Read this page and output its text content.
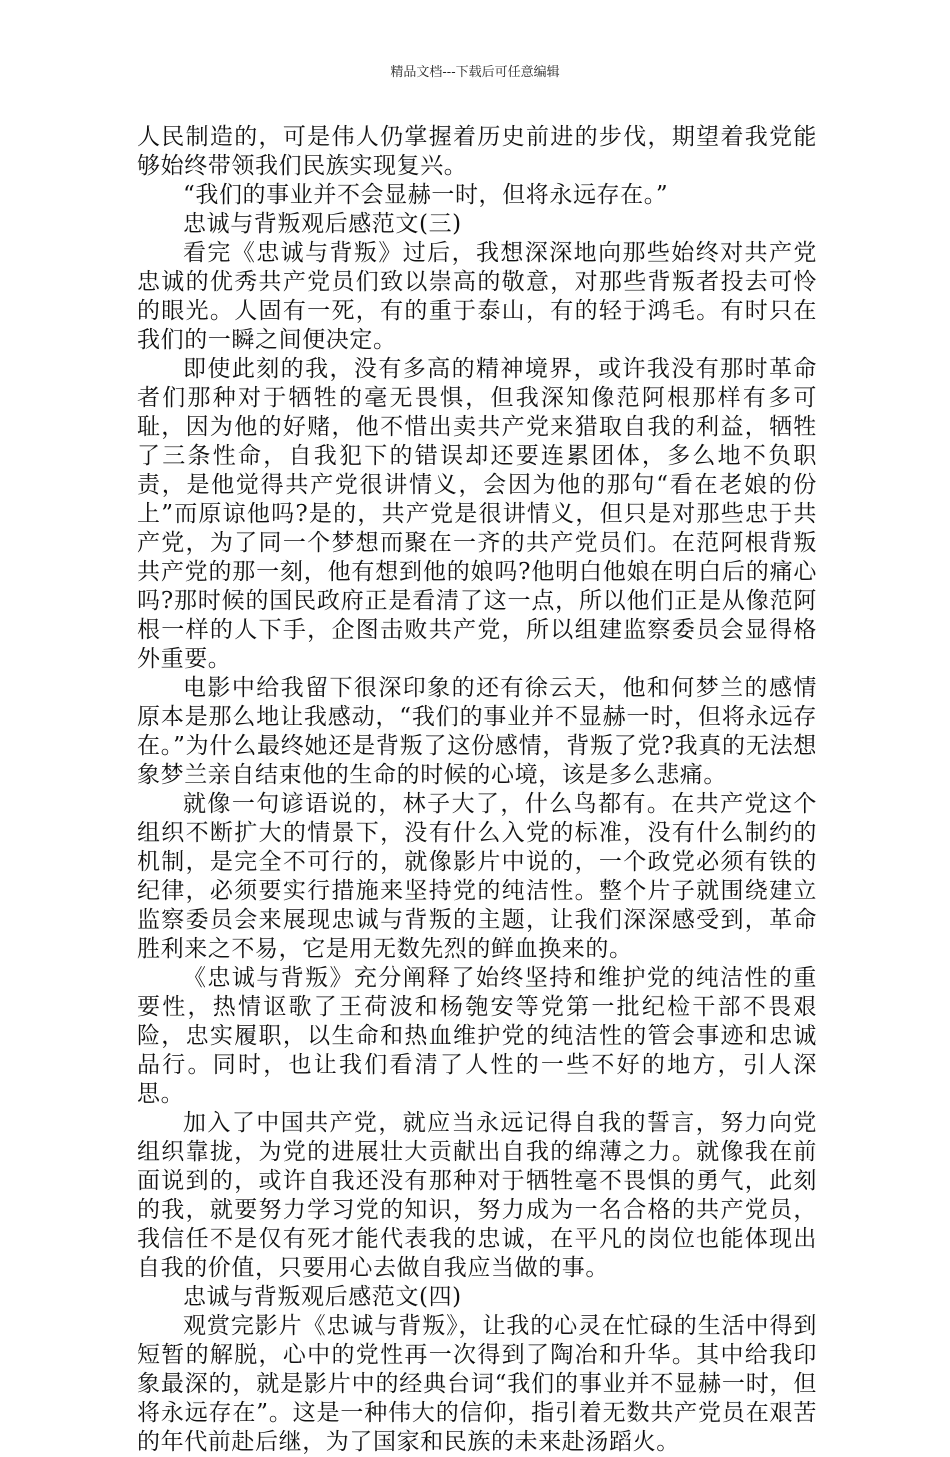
精品文档---下载后可任意编辑

人民制造的，可是伟人仍掌握着历史前进的步伐，期望着我党能够始终带领我们民族实现复兴。

“我们的事业并不会显赫一时，但将永远存在。”

忠诚与背叛观后感范文(三)

看完《忠诚与背叛》过后，我想深深地向那些始终对共产党忠诚的优秀共产党员们致以崇高的敬意，对那些背叛者投去可怜的眼光。人固有一死，有的重于泰山，有的轻于鸿毛。有时只在我们的一瞬之间便决定。

即使此刻的我，没有多高的精神境界，或许我没有那时革命者们那种对于牺牲的毫无畏惧，但我深知像范阿根那样有多可耻，因为他的好赌，他不惜出卖共产党来猎取自我的利益，牺牲了三条性命，自我犯下的错误却还要连累团体，多么地不负职责，是他觉得共产党很讲情义，会因为他的那句“看在老娘的份上”而原谅他吗?是的，共产党是很讲情义，但只是对那些忠于共产党，为了同一个梦想而聚在一齐的共产党员们。在范阿根背叛共产党的那一刻，他有想到他的娘吗?他明白他娘在明白后的痛心吗?那时候的国民政府正是看清了这一点，所以他们正是从像范阿根一样的人下手，企图击败共产党，所以组建监察委员会显得格外重要。

电影中给我留下很深印象的还有徐云天，他和何梦兰的感情原本是那么地让我感动，“我们的事业并不显赫一时，但将永远存在。”为什么最终她还是背叛了这份感情，背叛了党?我真的无法想象梦兰亲自结束他的生命的时候的心境，该是多么悲痛。

就像一句谚语说的，林子大了，什么鸟都有。在共产党这个组织不断扩大的情景下，没有什么入党的标准，没有什么制约的机制，是完全不可行的，就像影片中说的，一个政党必须有铁的纪律，必须要实行措施来坚持党的纯洁性。整个片子就围绕建立监察委员会来展现忠诚与背叛的主题，让我们深深感受到，革命胜利来之不易，它是用无数先烈的鲜血换来的。

《忠诚与背叛》充分阐释了始终坚持和维护党的纯洁性的重要性，热情讴歌了王荷波和杨匏安等党第一批纪检干部不畏艰险，忠实履职，以生命和热血维护党的纯洁性的管会事迹和忠诚品行。同时，也让我们看清了人性的一些不好的地方，引人深思。

加入了中国共产党，就应当永远记得自我的誓言，努力向党组织靠拢，为党的进展壮大贡献出自我的绵薄之力。就像我在前面说到的，或许自我还没有那种对于牺牲毫不畏惧的勇气，此刻的我，就要努力学习党的知识，努力成为一名合格的共产党员，我信任不是仅有死才能代表我的忠诚，在平凡的岗位也能体现出自我的价值，只要用心去做自我应当做的事。

忠诚与背叛观后感范文(四)

观赏完影片《忠诚与背叛》，让我的心灵在忙碌的生活中得到短暂的解脱，心中的党性再一次得到了陶冶和升华。其中给我印象最深的，就是影片中的经典台词“我们的事业并不显赫一时，但将永远存在”。这是一种伟大的信仰，指引着无数共产党员在艰苦的年代前赴后继，为了国家和民族的未来赴汤蹈火。
